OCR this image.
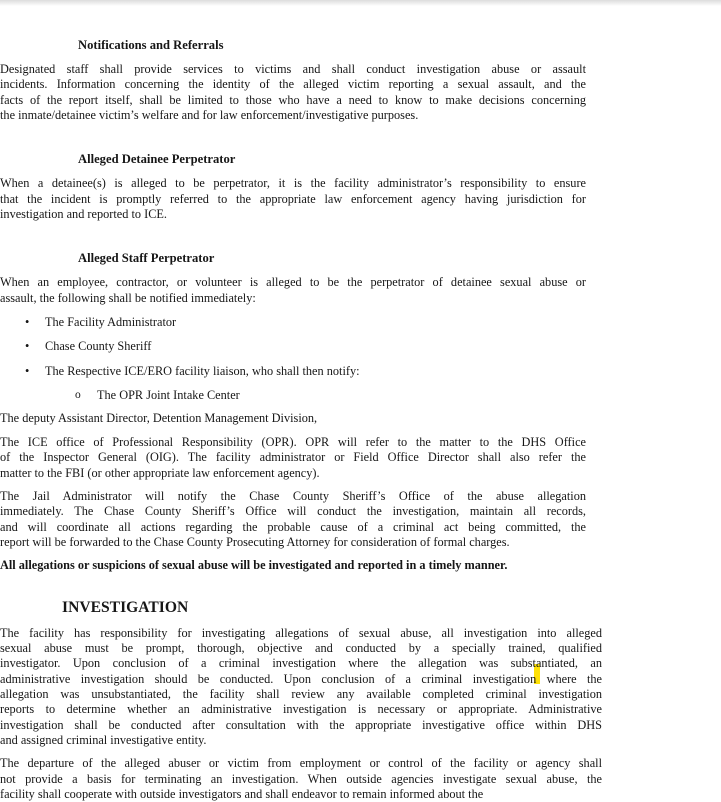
Notifications and Referrals
Designated staff shall provide services to victims and shall conduct investigation abuse or assault
incidents. Information concerning the identity of the alleged victim reporting a sexual assault, and the
facts of the report itself, shall be limited to those who have a need to know to make decisions concerning
the inmate/detainee victim’s welfare and for law enforcement/investigative purposes.
Alleged Detainee Perpetrator
When a detainee(s) is alleged to be perpetrator, it is the facility administrator’s responsibility to ensure
that the incident is promptly referred to the appropriate law enforcement agency having jurisdiction for
investigation and reported to ICE.
Alleged Staff Perpetrator
When an employee, contractor, or volunteer is alleged to be the perpetrator of detainee sexual abuse or
assault, the following shall be notified immediately:
•	The Facility Administrator
•	Chase County Sheriff
•	The Respective ICE/ERO facility liaison, who shall then notify:
o	The OPR Joint Intake Center
The deputy Assistant Director, Detention Management Division,
The ICE office of Professional Responsibility (OPR). OPR will refer to the matter to the DHS Office
of the Inspector General (OIG). The facility administrator or Field Office Director shall also refer the
matter to the FBI (or other appropriate law enforcement agency).
The Jail Administrator will notify the Chase County Sheriff’s Office of the abuse allegation
immediately. The Chase County Sheriff’s Office will conduct the investigation, maintain all records,
and will coordinate all actions regarding the probable cause of a criminal act being committed, the
report will be forwarded to the Chase County Prosecuting Attorney for consideration of formal charges.
All allegations or suspicions of sexual abuse will be investigated and reported in a timely manner.
INVESTIGATION
The facility has responsibility for investigating allegations of sexual abuse, all investigation into alleged
sexual abuse must be prompt, thorough, objective and conducted by a specially trained, qualified
investigator. Upon conclusion of a criminal investigation where the allegation was substantiated, an
administrative investigation should be conducted. Upon conclusion of a criminal investigation where the
allegation was unsubstantiated, the facility shall review any available completed criminal investigation
reports to determine whether an administrative investigation is necessary or appropriate. Administrative
investigation shall be conducted after consultation with the appropriate investigative office within DHS
and assigned criminal investigative entity.
The departure of the alleged abuser or victim from employment or control of the facility or agency shall
not provide a basis for terminating an investigation. When outside agencies investigate sexual abuse, the
facility shall cooperate with outside investigators and shall endeavor to remain informed about the
